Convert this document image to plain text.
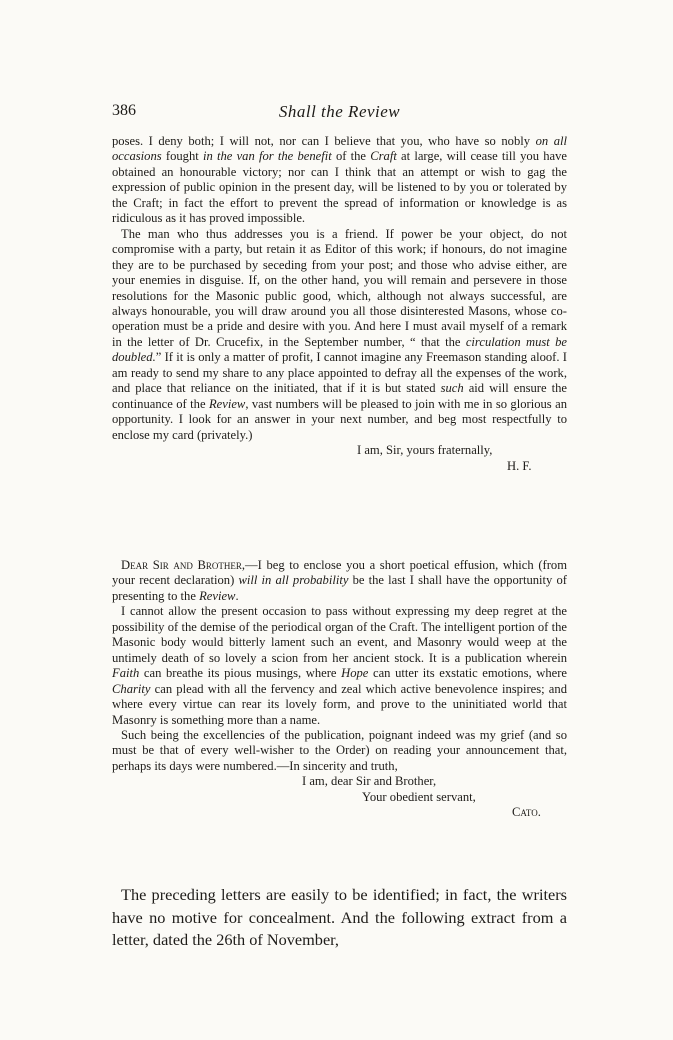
386	Shall the Review

poses. I deny both; I will not, nor can I believe that you, who have so nobly on all occasions fought in the van for the benefit of the Craft at large, will cease till you have obtained an honourable victory; nor can I think that an attempt or wish to gag the expression of public opinion in the present day, will be listened to by you or tolerated by the Craft; in fact the effort to prevent the spread of information or knowledge is as ridiculous as it has proved impossible.

The man who thus addresses you is a friend. If power be your object, do not compromise with a party, but retain it as Editor of this work; if honours, do not imagine they are to be purchased by seceding from your post; and those who advise either, are your enemies in disguise. If, on the other hand, you will remain and persevere in those resolutions for the Masonic public good, which, although not always successful, are always honourable, you will draw around you all those disinterested Masons, whose co-operation must be a pride and desire with you. And here I must avail myself of a remark in the letter of Dr. Crucefix, in the September number, “ that the circulation must be doubled.” If it is only a matter of profit, I cannot imagine any Freemason standing aloof. I am ready to send my share to any place appointed to defray all the expenses of the work, and place that reliance on the initiated, that if it is but stated such aid will ensure the continuance of the Review, vast numbers will be pleased to join with me in so glorious an opportunity. I look for an answer in your next number, and beg most respectfully to enclose my card (privately.)

I am, Sir, yours fraternally,
H. F.

Dear Sir and Brother,—I beg to enclose you a short poetical effusion, which (from your recent declaration) will in all probability be the last I shall have the opportunity of presenting to the Review.

I cannot allow the present occasion to pass without expressing my deep regret at the possibility of the demise of the periodical organ of the Craft. The intelligent portion of the Masonic body would bitterly lament such an event, and Masonry would weep at the untimely death of so lovely a scion from her ancient stock. It is a publication wherein Faith can breathe its pious musings, where Hope can utter its exstatic emotions, where Charity can plead with all the fervency and zeal which active benevolence inspires; and where every virtue can rear its lovely form, and prove to the uninitiated world that Masonry is something more than a name.

Such being the excellencies of the publication, poignant indeed was my grief (and so must be that of every well-wisher to the Order) on reading your announcement that, perhaps its days were numbered.—In sincerity and truth,

I am, dear Sir and Brother,
Your obedient servant,
Cato.

The preceding letters are easily to be identified; in fact, the writers have no motive for concealment. And the following extract from a letter, dated the 26th of November,
